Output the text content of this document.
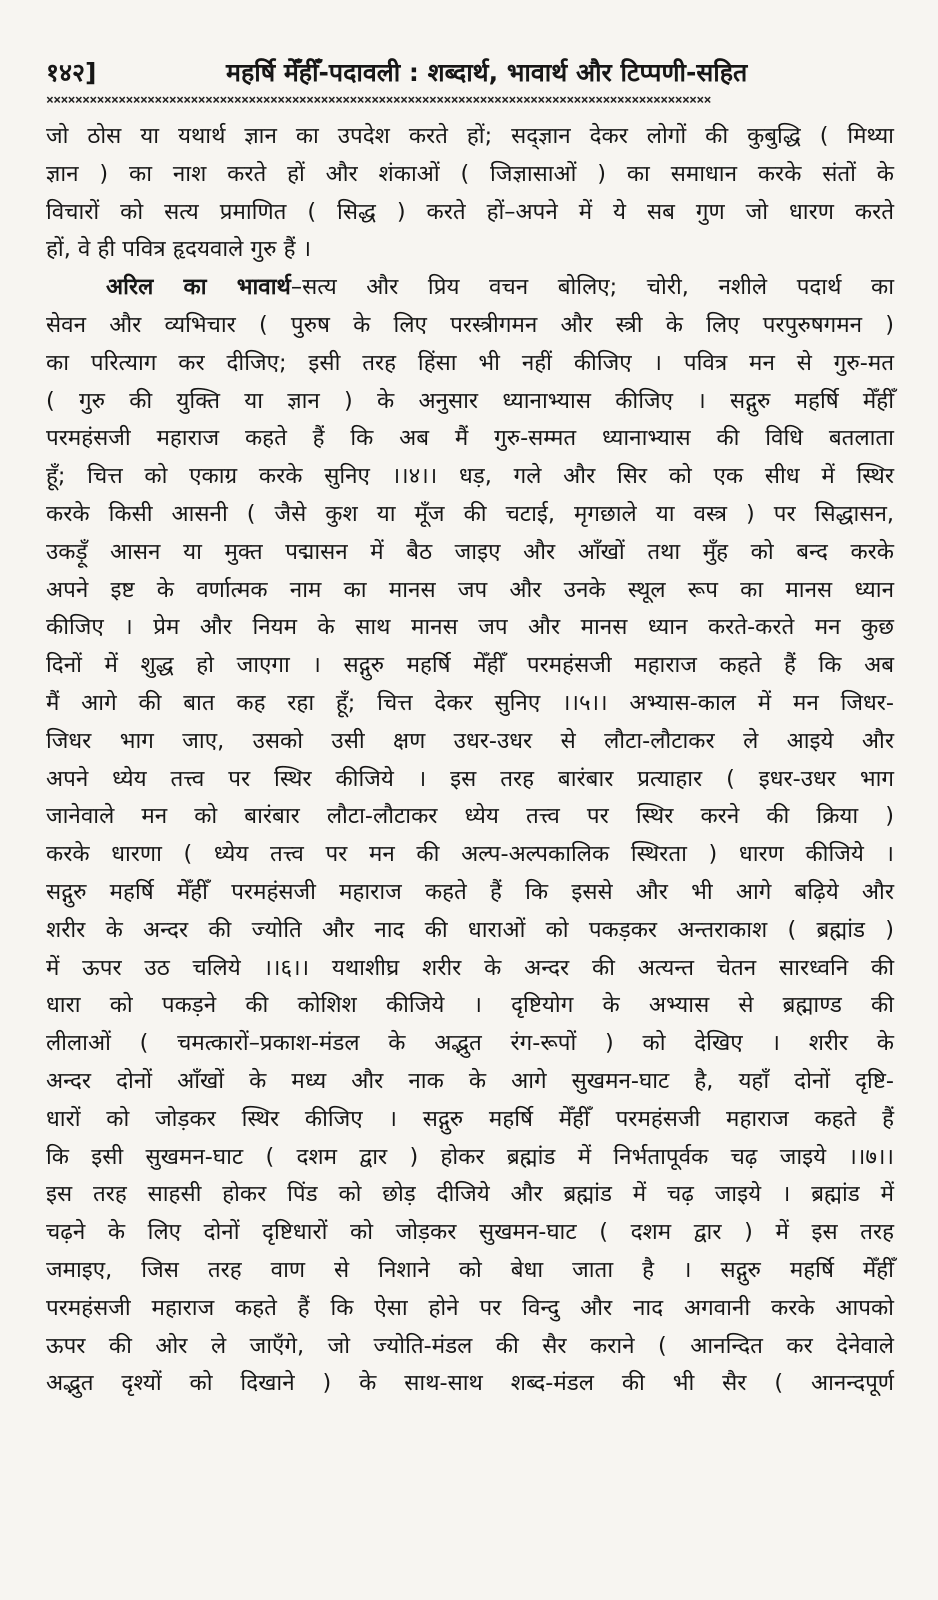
१४२]	महर्षि मेँहीँ-पदावली : शब्दार्थ, भावार्थ और टिप्पणी-सहित
××××××××××××××××××××××××××××××××××××××××××××××××××××××××××××××××××××××××××××××××××××××××××××

जो ठोस या यथार्थ ज्ञान का उपदेश करते हों; सद्ज्ञान देकर लोगों की कुबुद्धि ( मिथ्या
ज्ञान ) का नाश करते हों और शंकाओं ( जिज्ञासाओं ) का समाधान करके संतों के
विचारों को सत्य प्रमाणित ( सिद्ध ) करते हों–अपने में ये सब गुण जो धारण करते
हों, वे ही पवित्र हृदयवाले गुरु हैं ।

अरिल का भावार्थ–सत्य और प्रिय वचन बोलिए; चोरी, नशीले पदार्थ का
सेवन और व्यभिचार ( पुरुष के लिए परस्त्रीगमन और स्त्री के लिए परपुरुषगमन )
का परित्याग कर दीजिए; इसी तरह हिंसा भी नहीं कीजिए । पवित्र मन से गुरु-मत
( गुरु की युक्ति या ज्ञान ) के अनुसार ध्यानाभ्यास कीजिए । सद्गुरु महर्षि मेँहीँ
परमहंसजी महाराज कहते हैं कि अब मैं गुरु-सम्मत ध्यानाभ्यास की विधि बतलाता
हूँ; चित्त को एकाग्र करके सुनिए ।।४।। धड़, गले और सिर को एक सीध में स्थिर
करके किसी आसनी ( जैसे कुश या मूँज की चटाई, मृगछाले या वस्त्र ) पर सिद्धासन,
उकड़ूँ आसन या मुक्त पद्मासन में बैठ जाइए और आँखों तथा मुँह को बन्द करके
अपने इष्ट के वर्णात्मक नाम का मानस जप और उनके स्थूल रूप का मानस ध्यान
कीजिए । प्रेम और नियम के साथ मानस जप और मानस ध्यान करते-करते मन कुछ
दिनों में शुद्ध हो जाएगा । सद्गुरु महर्षि मेँहीँ परमहंसजी महाराज कहते हैं कि अब
मैं आगे की बात कह रहा हूँ; चित्त देकर सुनिए ।।५।। अभ्यास-काल में मन जिधर-
जिधर भाग जाए, उसको उसी क्षण उधर-उधर से लौटा-लौटाकर ले आइये और
अपने ध्येय तत्त्व पर स्थिर कीजिये । इस तरह बारंबार प्रत्याहार ( इधर-उधर भाग
जानेवाले मन को बारंबार लौटा-लौटाकर ध्येय तत्त्व पर स्थिर करने की क्रिया )
करके धारणा ( ध्येय तत्त्व पर मन की अल्प-अल्पकालिक स्थिरता ) धारण कीजिये ।
सद्गुरु महर्षि मेँहीँ परमहंसजी महाराज कहते हैं कि इससे और भी आगे बढ़िये और
शरीर के अन्दर की ज्योति और नाद की धाराओं को पकड़कर अन्तराकाश ( ब्रह्मांड )
में ऊपर उठ चलिये ।।६।। यथाशीघ्र शरीर के अन्दर की अत्यन्त चेतन सारध्वनि की
धारा को पकड़ने की कोशिश कीजिये । दृष्टियोग के अभ्यास से ब्रह्माण्ड की
लीलाओं ( चमत्कारों–प्रकाश-मंडल के अद्भुत रंग-रूपों ) को देखिए । शरीर के
अन्दर दोनों आँखों के मध्य और नाक के आगे सुखमन-घाट है, यहाँ दोनों दृष्टि-
धारों को जोड़कर स्थिर कीजिए । सद्गुरु महर्षि मेँहीँ परमहंसजी महाराज कहते हैं
कि इसी सुखमन-घाट ( दशम द्वार ) होकर ब्रह्मांड में निर्भतापूर्वक चढ़ जाइये ।।७।।
इस तरह साहसी होकर पिंड को छोड़ दीजिये और ब्रह्मांड में चढ़ जाइये । ब्रह्मांड में
चढ़ने के लिए दोनों दृष्टिधारों को जोड़कर सुखमन-घाट ( दशम द्वार ) में इस तरह
जमाइए, जिस तरह वाण से निशाने को बेधा जाता है । सद्गुरु महर्षि मेँहीँ
परमहंसजी महाराज कहते हैं कि ऐसा होने पर विन्दु और नाद अगवानी करके आपको
ऊपर की ओर ले जाएँगे, जो ज्योति-मंडल की सैर कराने ( आनन्दित कर देनेवाले
अद्भुत दृश्यों को दिखाने ) के साथ-साथ शब्द-मंडल की भी सैर ( आनन्दपूर्ण
